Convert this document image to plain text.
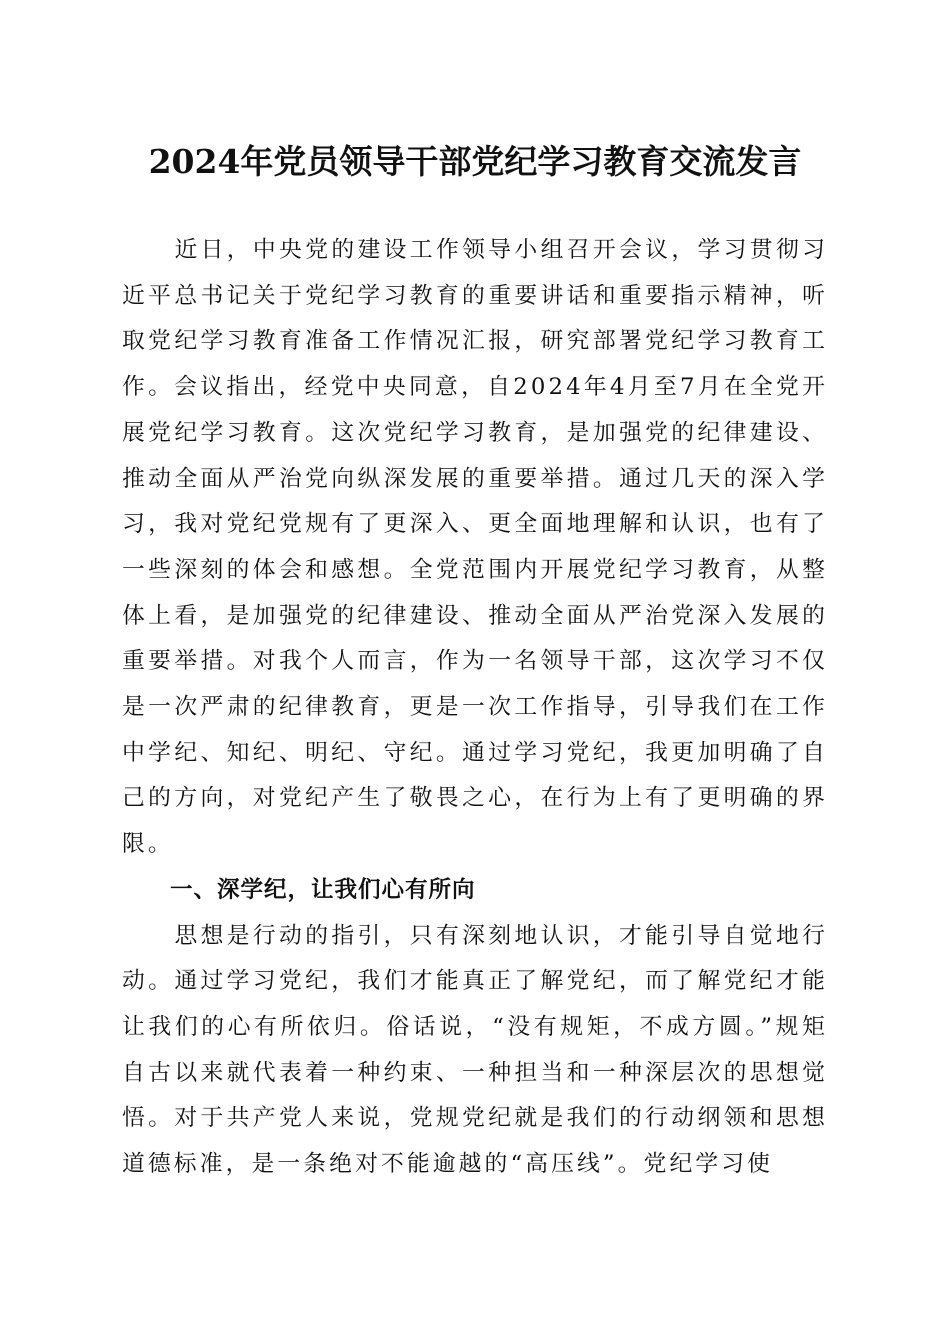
2024年党员领导干部党纪学习教育交流发言

近日，中央党的建设工作领导小组召开会议，学习贯彻习近平总书记关于党纪学习教育的重要讲话和重要指示精神，听取党纪学习教育准备工作情况汇报，研究部署党纪学习教育工作。会议指出，经党中央同意，自2024年4月至7月在全党开展党纪学习教育。这次党纪学习教育，是加强党的纪律建设、推动全面从严治党向纵深发展的重要举措。通过几天的深入学习，我对党纪党规有了更深入、更全面地理解和认识，也有了一些深刻的体会和感想。全党范围内开展党纪学习教育，从整体上看，是加强党的纪律建设、推动全面从严治党深入发展的重要举措。对我个人而言，作为一名领导干部，这次学习不仅是一次严肃的纪律教育，更是一次工作指导，引导我们在工作中学纪、知纪、明纪、守纪。通过学习党纪，我更加明确了自己的方向，对党纪产生了敬畏之心，在行为上有了更明确的界限。

一、深学纪，让我们心有所向

思想是行动的指引，只有深刻地认识，才能引导自觉地行动。通过学习党纪，我们才能真正了解党纪，而了解党纪才能让我们的心有所依归。俗话说，“没有规矩，不成方圆。”规矩自古以来就代表着一种约束、一种担当和一种深层次的思想觉悟。对于共产党人来说，党规党纪就是我们的行动纲领和思想道德标准，是一条绝对不能逾越的“高压线”。党纪学习使
